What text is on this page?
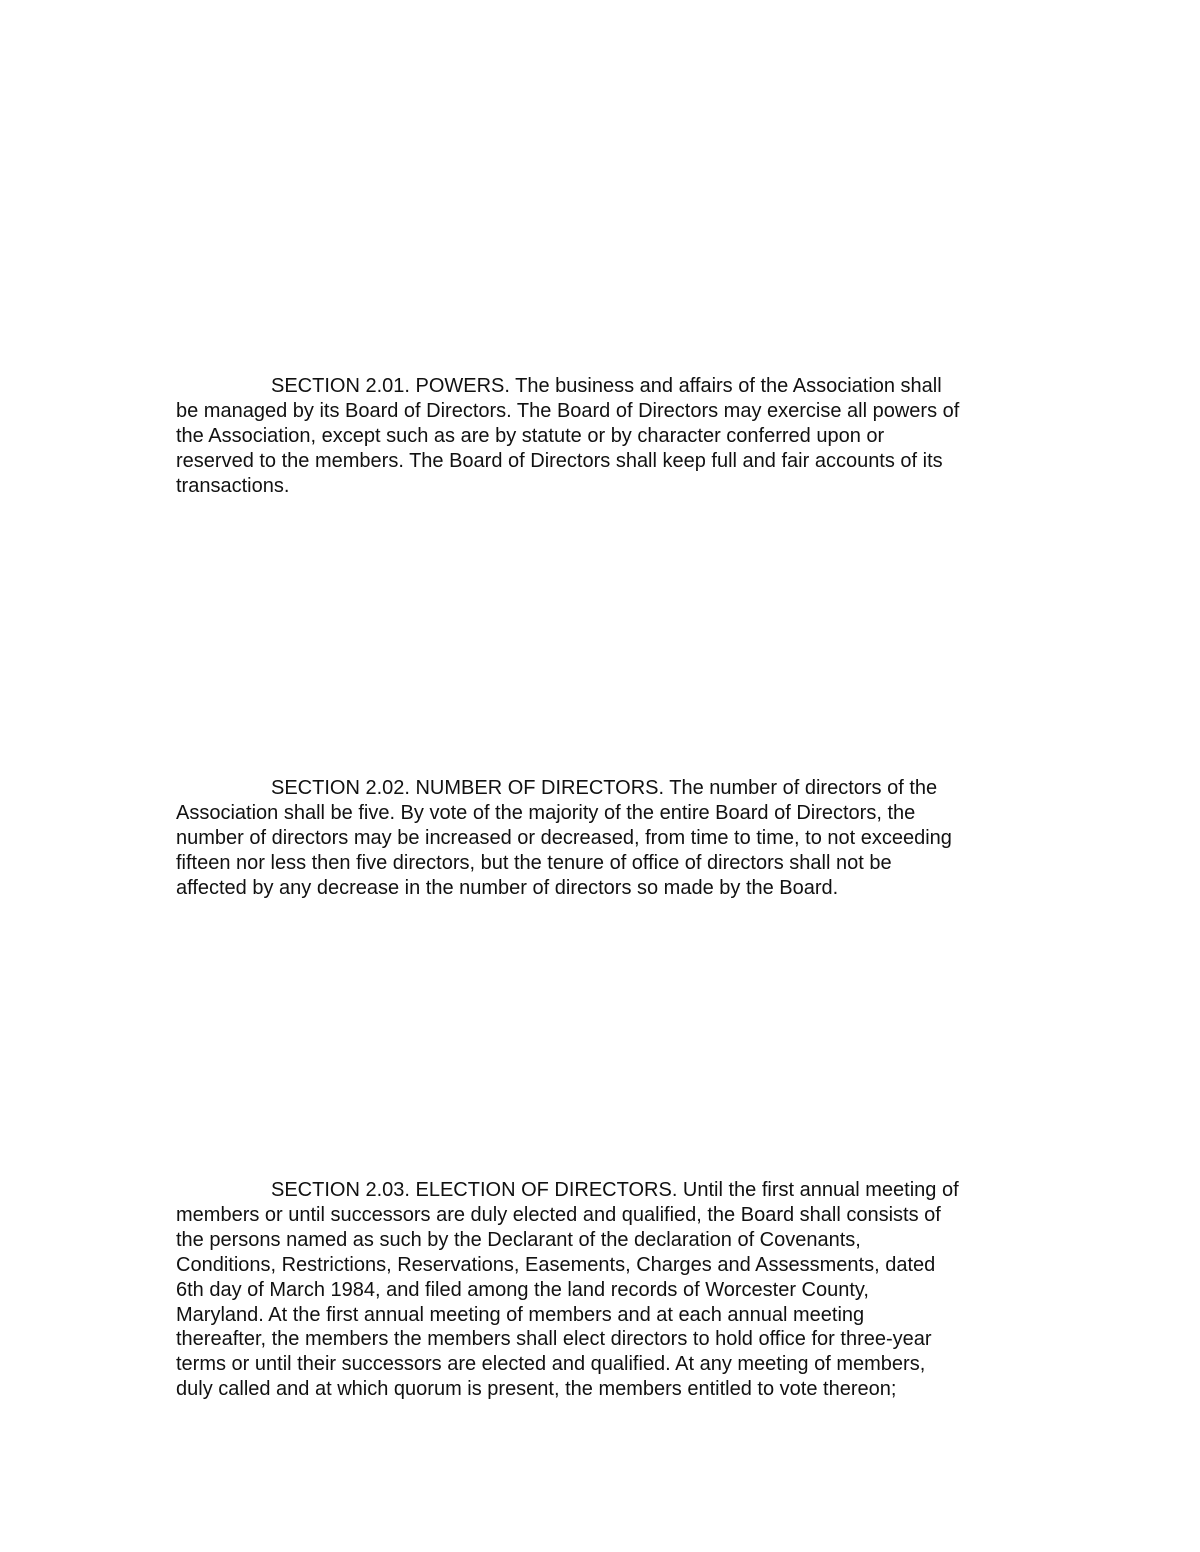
SECTION 2.01. POWERS. The business and affairs of the Association shall
be managed by its Board of Directors. The Board of Directors may exercise all powers of
the Association, except such as are by statute or by character conferred upon or
reserved to the members. The Board of Directors shall keep full and fair accounts of its
transactions.
SECTION 2.02. NUMBER OF DIRECTORS. The number of directors of the
Association shall be five. By vote of the majority of the entire Board of Directors, the
number of directors may be increased or decreased, from time to time, to not exceeding
fifteen nor less then five directors, but the tenure of office of directors shall not be
affected by any decrease in the number of directors so made by the Board.
SECTION 2.03. ELECTION OF DIRECTORS. Until the first annual meeting of
members or until successors are duly elected and qualified, the Board shall consists of
the persons named as such by the Declarant of the declaration of Covenants,
Conditions, Restrictions, Reservations, Easements, Charges and Assessments, dated
6th day of March 1984, and filed among the land records of Worcester County,
Maryland. At the first annual meeting of members and at each annual meeting
thereafter, the members the members shall elect directors to hold office for three-year
terms or until their successors are elected and qualified. At any meeting of members,
duly called and at which quorum is present, the members entitled to vote thereon;
